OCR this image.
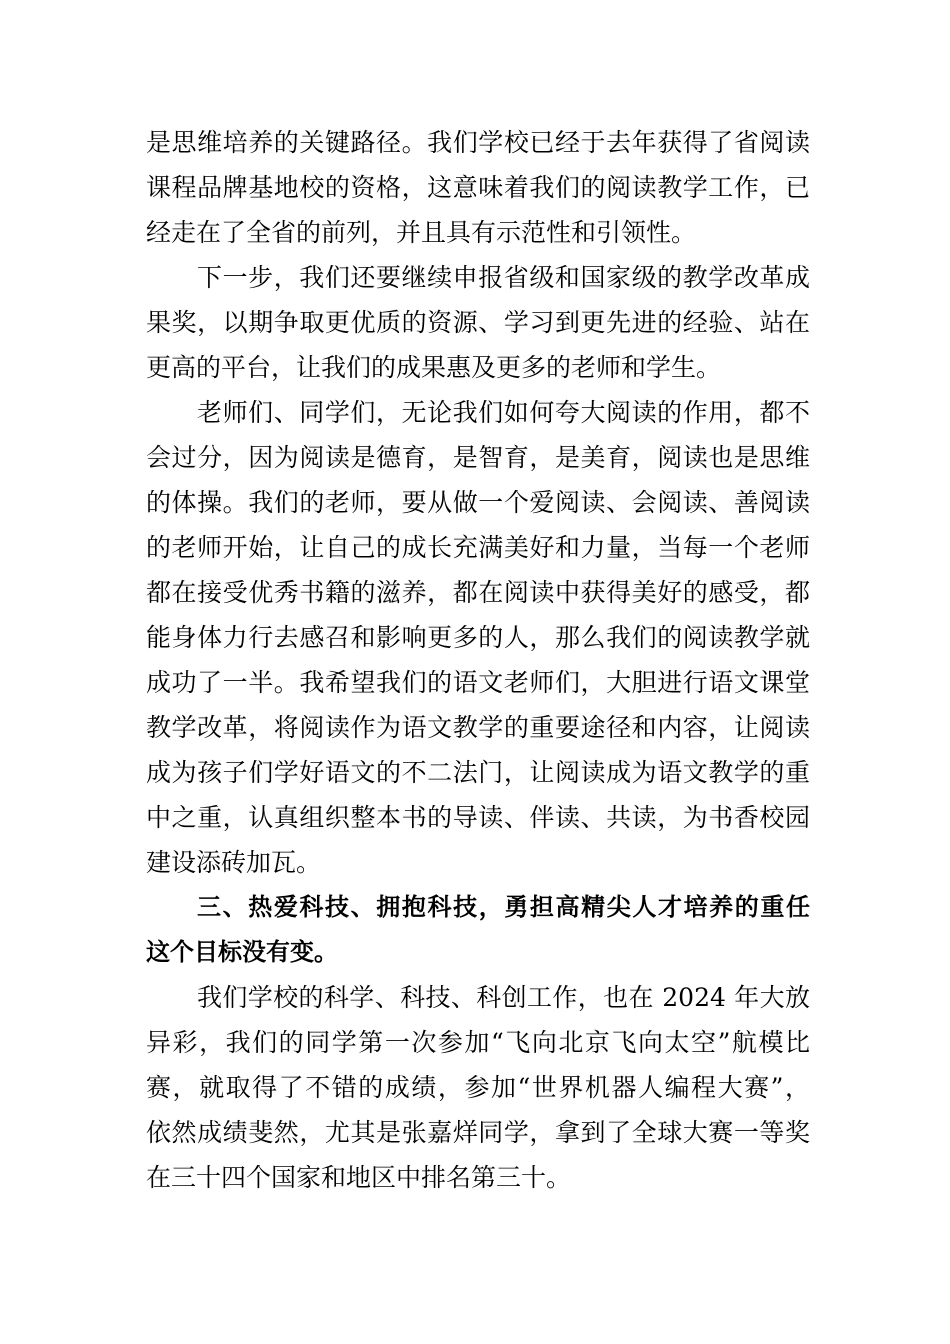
是思维培养的关键路径。我们学校已经于去年获得了省阅读

课程品牌基地校的资格，这意味着我们的阅读教学工作，已

经走在了全省的前列，并且具有示范性和引领性。

下一步，我们还要继续申报省级和国家级的教学改革成

果奖，以期争取更优质的资源、学习到更先进的经验、站在

更高的平台，让我们的成果惠及更多的老师和学生。

老师们、同学们，无论我们如何夸大阅读的作用，都不

会过分，因为阅读是德育，是智育，是美育，阅读也是思维

的体操。我们的老师，要从做一个爱阅读、会阅读、善阅读

的老师开始，让自己的成长充满美好和力量，当每一个老师

都在接受优秀书籍的滋养，都在阅读中获得美好的感受，都

能身体力行去感召和影响更多的人，那么我们的阅读教学就

成功了一半。我希望我们的语文老师们，大胆进行语文课堂

教学改革，将阅读作为语文教学的重要途径和内容，让阅读

成为孩子们学好语文的不二法门，让阅读成为语文教学的重

中之重，认真组织整本书的导读、伴读、共读，为书香校园

建设添砖加瓦。

三、热爱科技、拥抱科技，勇担高精尖人才培养的重任

这个目标没有变。

我们学校的科学、科技、科创工作，也在 2024 年大放

异彩，我们的同学第一次参加“飞向北京飞向太空”航模比

赛，就取得了不错的成绩，参加“世界机器人编程大赛”，

依然成绩斐然，尤其是张嘉烊同学，拿到了全球大赛一等奖

在三十四个国家和地区中排名第三十。
